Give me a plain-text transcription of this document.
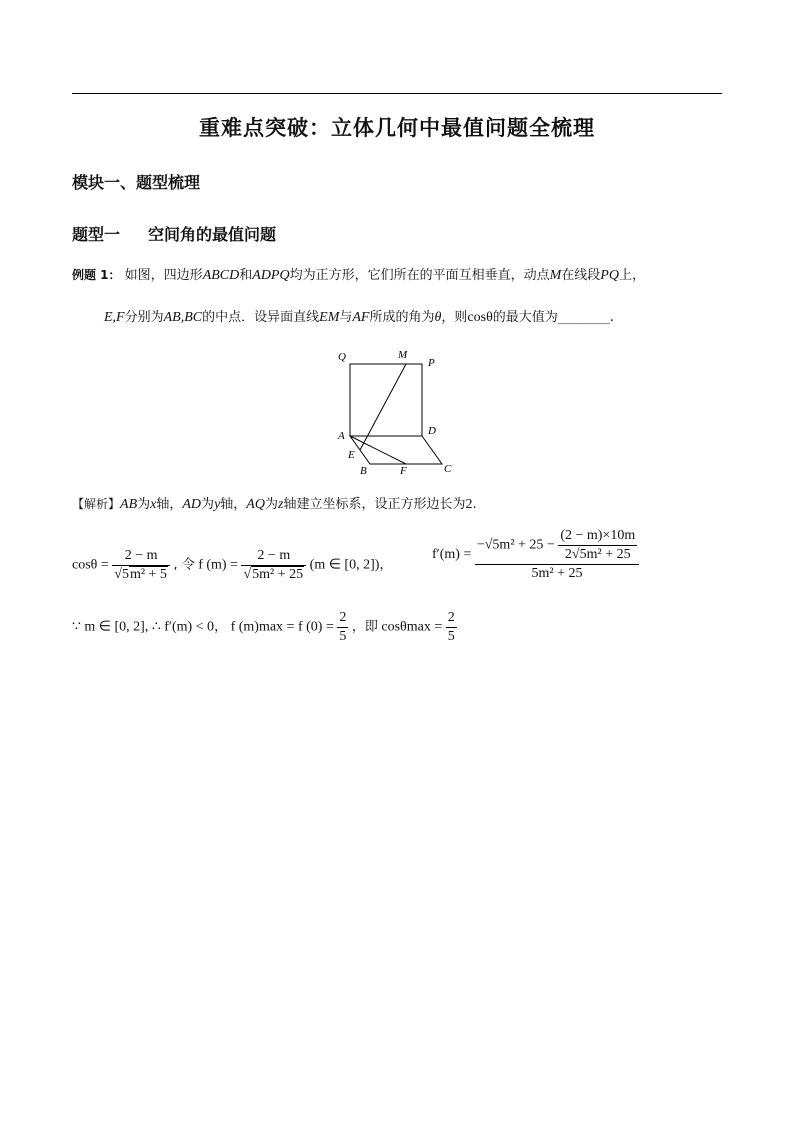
重难点突破：立体几何中最值问题全梳理
模块一、题型梳理
题型一 空间角的最值问题
例题 1： 如图，四边形ABCD和ADPQ均为正方形，它们所在的平面互相垂直，动点M在线段PQ上，
E,F分别为AB,BC的中点．设异面直线EM与AF所成的角为θ，则cosθ的最大值为________.
Q	M
P
A	D
E
B	F	C
【解析】AB为x轴，AD为y轴，AQ为z轴建立坐标系，设正方形边长为2.
$\cos\theta = \frac{2 - m}{\text{√5m² + 5}}$ , 令 f $(m) = \frac{2 - m}{\text{√5m² + 25}} (m$ ∈ [0, 2])，
$f'(m) = \frac{-√5m^2 + 25 - \frac{(2 - m)\times 10m}{\text{2√5m² + 25}}}{\text{5m² + 25}}$
∵ m ∈ [0, 2], ∴ f′(m) < 0， f (m)max = f $(0) = \frac{2}{5}$ ，即 $\cos\theta\max = \frac{2}{5}$
